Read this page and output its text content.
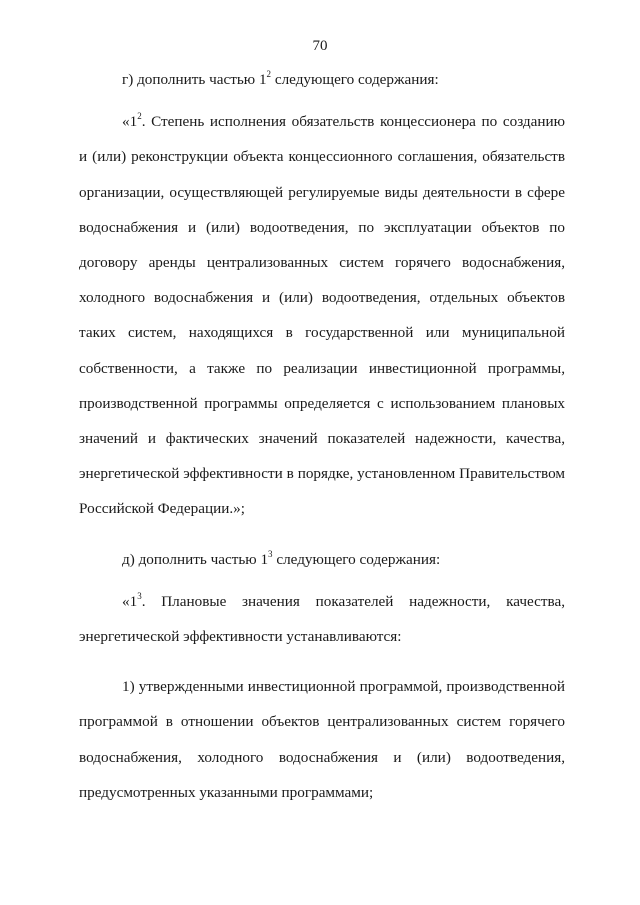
70

г) дополнить частью $1^2$ следующего содержания:

«$1^2$. Степень исполнения обязательств концессионера по созданию и (или) реконструкции объекта концессионного соглашения, обязательств организации, осуществляющей регулируемые виды деятельности в сфере водоснабжения и (или) водоотведения, по эксплуатации объектов по договору аренды централизованных систем горячего водоснабжения, холодного водоснабжения и (или) водоотведения, отдельных объектов таких систем, находящихся в государственной или муниципальной собственности, а также по реализации инвестиционной программы, производственной программы определяется с использованием плановых значений и фактических значений показателей надежности, качества, энергетической эффективности в порядке, установленном Правительством Российской Федерации.»;

д) дополнить частью $1^3$ следующего содержания:

«$1^3$. Плановые значения показателей надежности, качества, энергетической эффективности устанавливаются:

1) утвержденными инвестиционной программой, производственной программой в отношении объектов централизованных систем горячего водоснабжения, холодного водоснабжения и (или) водоотведения, предусмотренных указанными программами;
